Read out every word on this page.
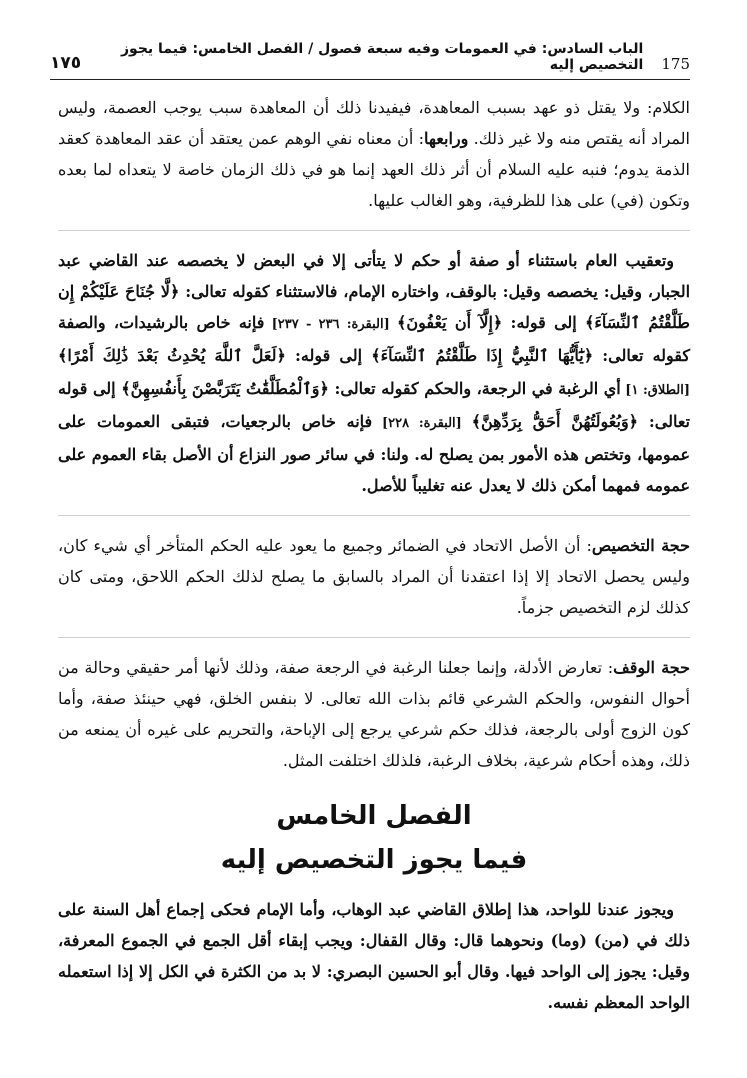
١٧٥
الباب السادس: في العمومات وفيه سبعة فصول / الفصل الخامس: فيما يجوز التخصيص إليه 175

الكلام: ولا يقتل ذو عهد بسبب المعاهدة، فيفيدنا ذلك أن المعاهدة سبب يوجب العصمة، وليس المراد أنه يقتص منه ولا غير ذلك. ورابعها: أن معناه نفي الوهم عمن يعتقد أن عقد المعاهدة كعقد الذمة يدوم؛ فنبه عليه السلام أن أثر ذلك العهد إنما هو في ذلك الزمان خاصة لا يتعداه لما بعده وتكون (في) على هذا للظرفية، وهو الغالب عليها.

وتعقيب العام باستثناء أو صفة أو حكم لا يتأتى إلا في البعض لا يخصصه عند القاضي عبد الجبار، وقيل: يخصصه وقيل: بالوقف، واختاره الإمام، فالاستثناء كقوله تعالى: ﴿لَّا جُنَاحَ عَلَيْكُمْ إِن طَلَّقْتُمُ ٱلنِّسَآءَ﴾ إلى قوله: ﴿إِلَّآ أَن يَعْفُونَ﴾ [البقرة: ٢٣٦ - ٢٣٧] فإنه خاص بالرشيدات، والصفة كقوله تعالى: ﴿يَٰٓأَيُّهَا ٱلنَّبِيُّ إِذَا طَلَّقْتُمُ ٱلنِّسَآءَ﴾ إلى قوله: ﴿لَعَلَّ ٱللَّهَ يُحْدِثُ بَعْدَ ذَٰلِكَ أَمْرًا﴾ [الطلاق: ١] أي الرغبة في الرجعة، والحكم كقوله تعالى: ﴿وَٱلْمُطَلَّقَٰتُ يَتَرَبَّصْنَ بِأَنفُسِهِنَّ﴾ إلى قوله تعالى: ﴿وَبُعُولَتُهُنَّ أَحَقُّ بِرَدِّهِنَّ﴾ [البقرة: ٢٢٨] فإنه خاص بالرجعيات، فتبقى العمومات على عمومها، وتختص هذه الأمور بمن يصلح له. ولنا: في سائر صور النزاع أن الأصل بقاء العموم على عمومه فمهما أمكن ذلك لا يعدل عنه تغليباً للأصل.

حجة التخصيص: أن الأصل الاتحاد في الضمائر وجميع ما يعود عليه الحكم المتأخر أي شيء كان، وليس يحصل الاتحاد إلا إذا اعتقدنا أن المراد بالسابق ما يصلح لذلك الحكم اللاحق، ومتى كان كذلك لزم التخصيص جزماً.

حجة الوقف: تعارض الأدلة، وإنما جعلنا الرغبة في الرجعة صفة، وذلك لأنها أمر حقيقي وحالة من أحوال النفوس، والحكم الشرعي قائم بذات الله تعالى. لا بنفس الخلق، فهي حينئذ صفة، وأما كون الزوج أولى بالرجعة، فذلك حكم شرعي يرجع إلى الإباحة، والتحريم على غيره أن يمنعه من ذلك، وهذه أحكام شرعية، بخلاف الرغبة، فلذلك اختلفت المثل.

الفصل الخامس
فيما يجوز التخصيص إليه

ويجوز عندنا للواحد، هذا إطلاق القاضي عبد الوهاب، وأما الإمام فحكى إجماع أهل السنة على ذلك في (من) (وما) ونحوهما قال: وقال القفال: ويجب إبقاء أقل الجمع في الجموع المعرفة، وقيل: يجوز إلى الواحد فيها. وقال أبو الحسين البصري: لا بد من الكثرة في الكل إلا إذا استعمله الواحد المعظم نفسه.
